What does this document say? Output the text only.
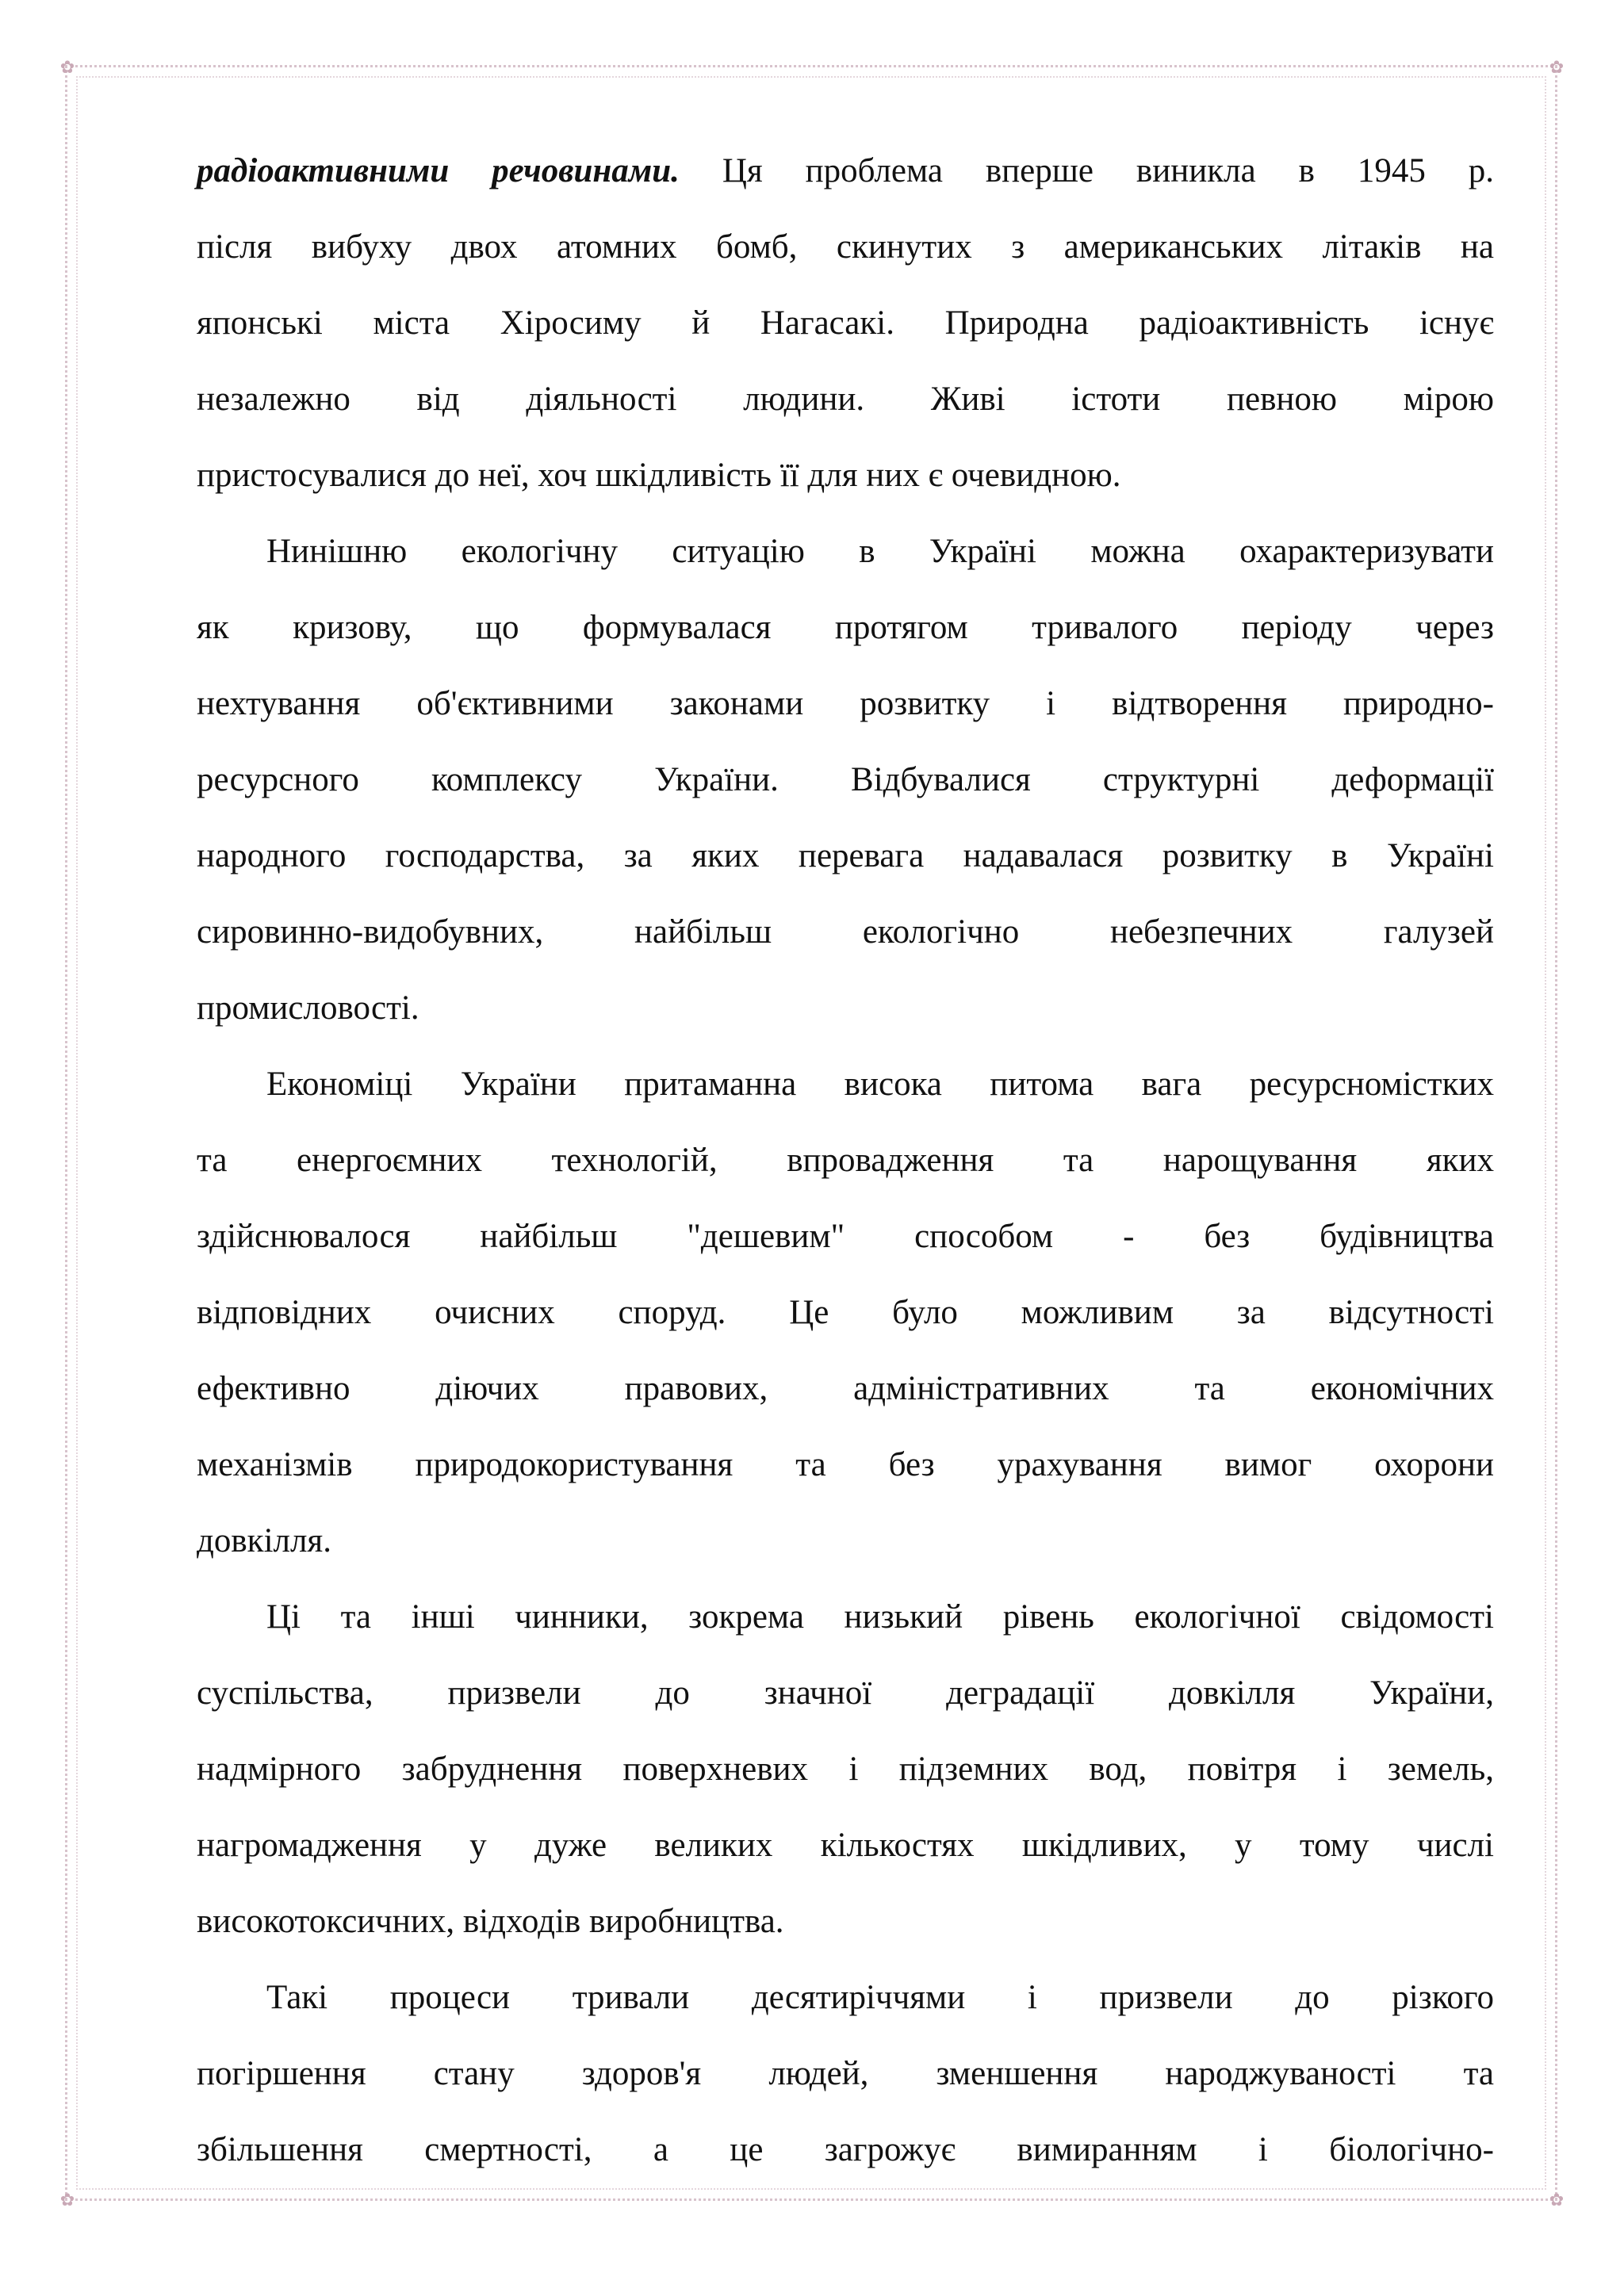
✿	✿
✿	✿
радіоактивними речовинами. Ця проблема вперше виникла в 1945 р.
після вибуху двох атомних бомб, скинутих з американських літаків на
японські міста Хіросиму й Нагасакі. Природна радіоактивність існує
незалежно від діяльності людини. Живі істоти певною мірою
пристосувалися до неї, хоч шкідливість її для них є очевидною.
Нинішню екологічну ситуацію в Україні можна охарактеризувати
як кризову, що формувалася протягом тривалого періоду через
нехтування об'єктивними законами розвитку і відтворення природно-
ресурсного комплексу України. Відбувалися структурні деформації
народного господарства, за яких перевага надавалася розвитку в Україні
сировинно-видобувних, найбільш екологічно небезпечних галузей
промисловості.
Економіці України притаманна висока питома вага ресурсномістких
та енергоємних технологій, впровадження та нарощування яких
здійснювалося найбільш "дешевим" способом - без будівництва
відповідних очисних споруд. Це було можливим за відсутності
ефективно діючих правових, адміністративних та економічних
механізмів природокористування та без урахування вимог охорони
довкілля.
Ці та інші чинники, зокрема низький рівень екологічної свідомості
суспільства, призвели до значної деградації довкілля України,
надмірного забруднення поверхневих і підземних вод, повітря і земель,
нагромадження у дуже великих кількостях шкідливих, у тому числі
високотоксичних, відходів виробництва.
Такі процеси тривали десятиріччями і призвели до різкого
погіршення стану здоров'я людей, зменшення народжуваності та
збільшення смертності, а це загрожує вимиранням і біологічно-
